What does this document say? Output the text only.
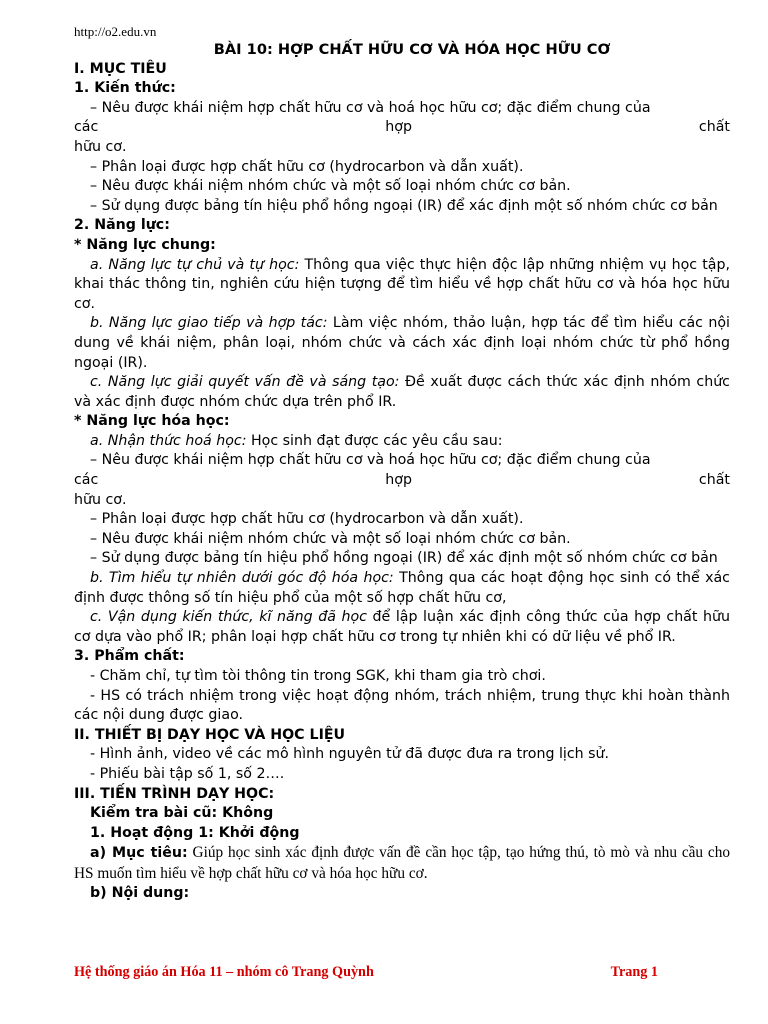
http://o2.edu.vn
BÀI 10: HỢP CHẤT HỮU CƠ VÀ HÓA HỌC HỮU CƠ
I. MỤC TIÊU
1. Kiến thức:
– Nêu được khái niệm hợp chất hữu cơ và hoá học hữu cơ; đặc điểm chung của
các	hợp	chất
hữu cơ.
– Phân loại được hợp chất hữu cơ (hydrocarbon và dẫn xuất).
– Nêu được khái niệm nhóm chức và một số loại nhóm chức cơ bản.
– Sử dụng được bảng tín hiệu phổ hồng ngoại (IR) để xác định một số nhóm chức cơ bản
2. Năng lực:
* Năng lực chung:
a. Năng lực tự chủ và tự học: Thông qua việc thực hiện độc lập những nhiệm vụ học tập, khai thác thông tin, nghiên cứu hiện tượng để tìm hiểu về hợp chất hữu cơ và hóa học hữu cơ.
b. Năng lực giao tiếp và hợp tác: Làm việc nhóm, thảo luận, hợp tác để tìm hiểu các nội dung về khái niệm, phân loại, nhóm chức và cách xác định loại nhóm chức từ phổ hồng ngoại (IR).
c. Năng lực giải quyết vấn đề và sáng tạo: Đề xuất được cách thức xác định nhóm chức và xác định được nhóm chức dựa trên phổ IR.
* Năng lực hóa học:
a. Nhận thức hoá học: Học sinh đạt được các yêu cầu sau:
– Nêu được khái niệm hợp chất hữu cơ và hoá học hữu cơ; đặc điểm chung của
các	hợp	chất
hữu cơ.
– Phân loại được hợp chất hữu cơ (hydrocarbon và dẫn xuất).
– Nêu được khái niệm nhóm chức và một số loại nhóm chức cơ bản.
– Sử dụng được bảng tín hiệu phổ hồng ngoại (IR) để xác định một số nhóm chức cơ bản
b. Tìm hiểu tự nhiên dưới góc độ hóa học: Thông qua các hoạt động học sinh có thể xác định được thông số tín hiệu phổ của một số hợp chất hữu cơ,
c. Vận dụng kiến thức, kĩ năng đã học để lập luận xác định công thức của hợp chất hữu cơ dựa vào phổ IR; phân loại hợp chất hữu cơ trong tự nhiên khi có dữ liệu về phổ IR.
3. Phẩm chất:
- Chăm chỉ, tự tìm tòi thông tin trong SGK, khi tham gia trò chơi.
- HS có trách nhiệm trong việc hoạt động nhóm, trách nhiệm, trung thực khi hoàn thành các nội dung được giao.
II. THIẾT BỊ DẠY HỌC VÀ HỌC LIỆU
- Hình ảnh, video về các mô hình nguyên tử đã được đưa ra trong lịch sử.
- Phiếu bài tập số 1, số 2….
III. TIẾN TRÌNH DẠY HỌC:
Kiểm tra bài cũ: Không
1. Hoạt động 1: Khởi động
a) Mục tiêu: Giúp học sinh xác định được vấn đề cần học tập, tạo hứng thú, tò mò và nhu cầu cho HS muốn tìm hiểu về hợp chất hữu cơ và hóa học hữu cơ.
b) Nội dung:
Hệ thống giáo án Hóa 11 – nhóm cô Trang Quỳnh	Trang 1
